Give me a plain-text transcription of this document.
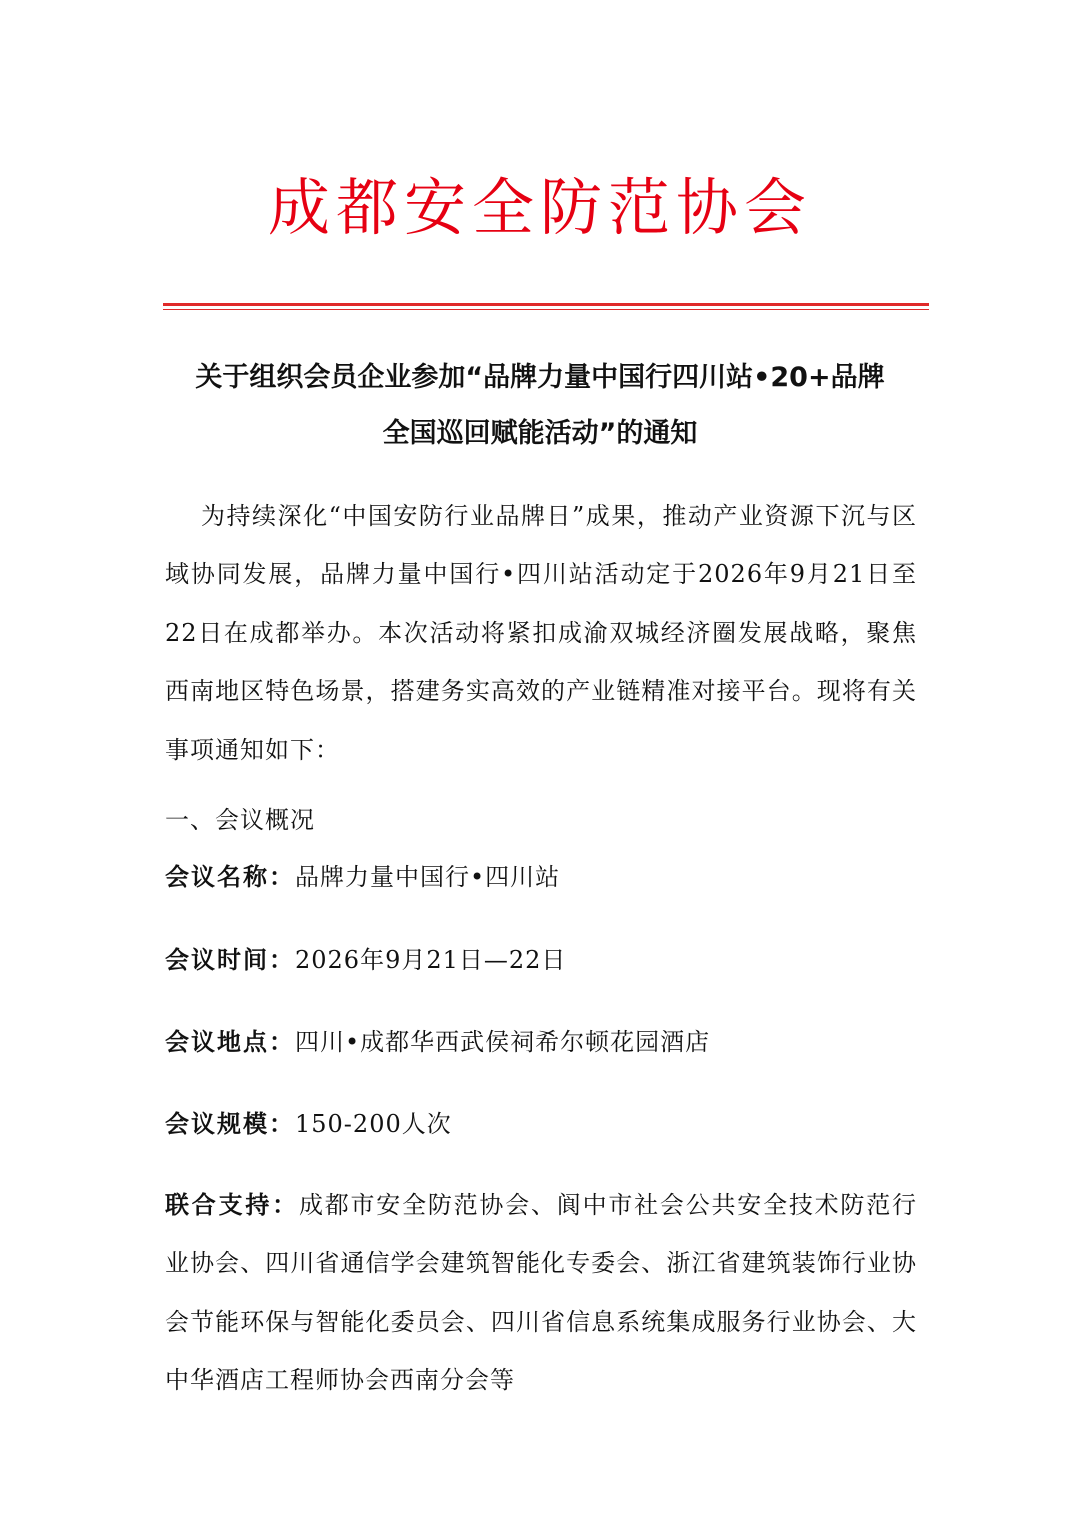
成都安全防范协会
关于组织会员企业参加“品牌力量中国行四川站•20+品牌
全国巡回赋能活动”的通知
为持续深化“中国安防行业品牌日”成果，推动产业资源下沉与区域协同发展，品牌力量中国行•四川站活动定于2026年9月21日至22日在成都举办。本次活动将紧扣成渝双城经济圈发展战略，聚焦西南地区特色场景，搭建务实高效的产业链精准对接平台。现将有关事项通知如下：
一、会议概况
会议名称：品牌力量中国行•四川站
会议时间：2026年9月21日—22日
会议地点：四川•成都华西武侯祠希尔顿花园酒店
会议规模：150-200人次
联合支持：成都市安全防范协会、阆中市社会公共安全技术防范行业协会、四川省通信学会建筑智能化专委会、浙江省建筑装饰行业协会节能环保与智能化委员会、四川省信息系统集成服务行业协会、大中华酒店工程师协会西南分会等
